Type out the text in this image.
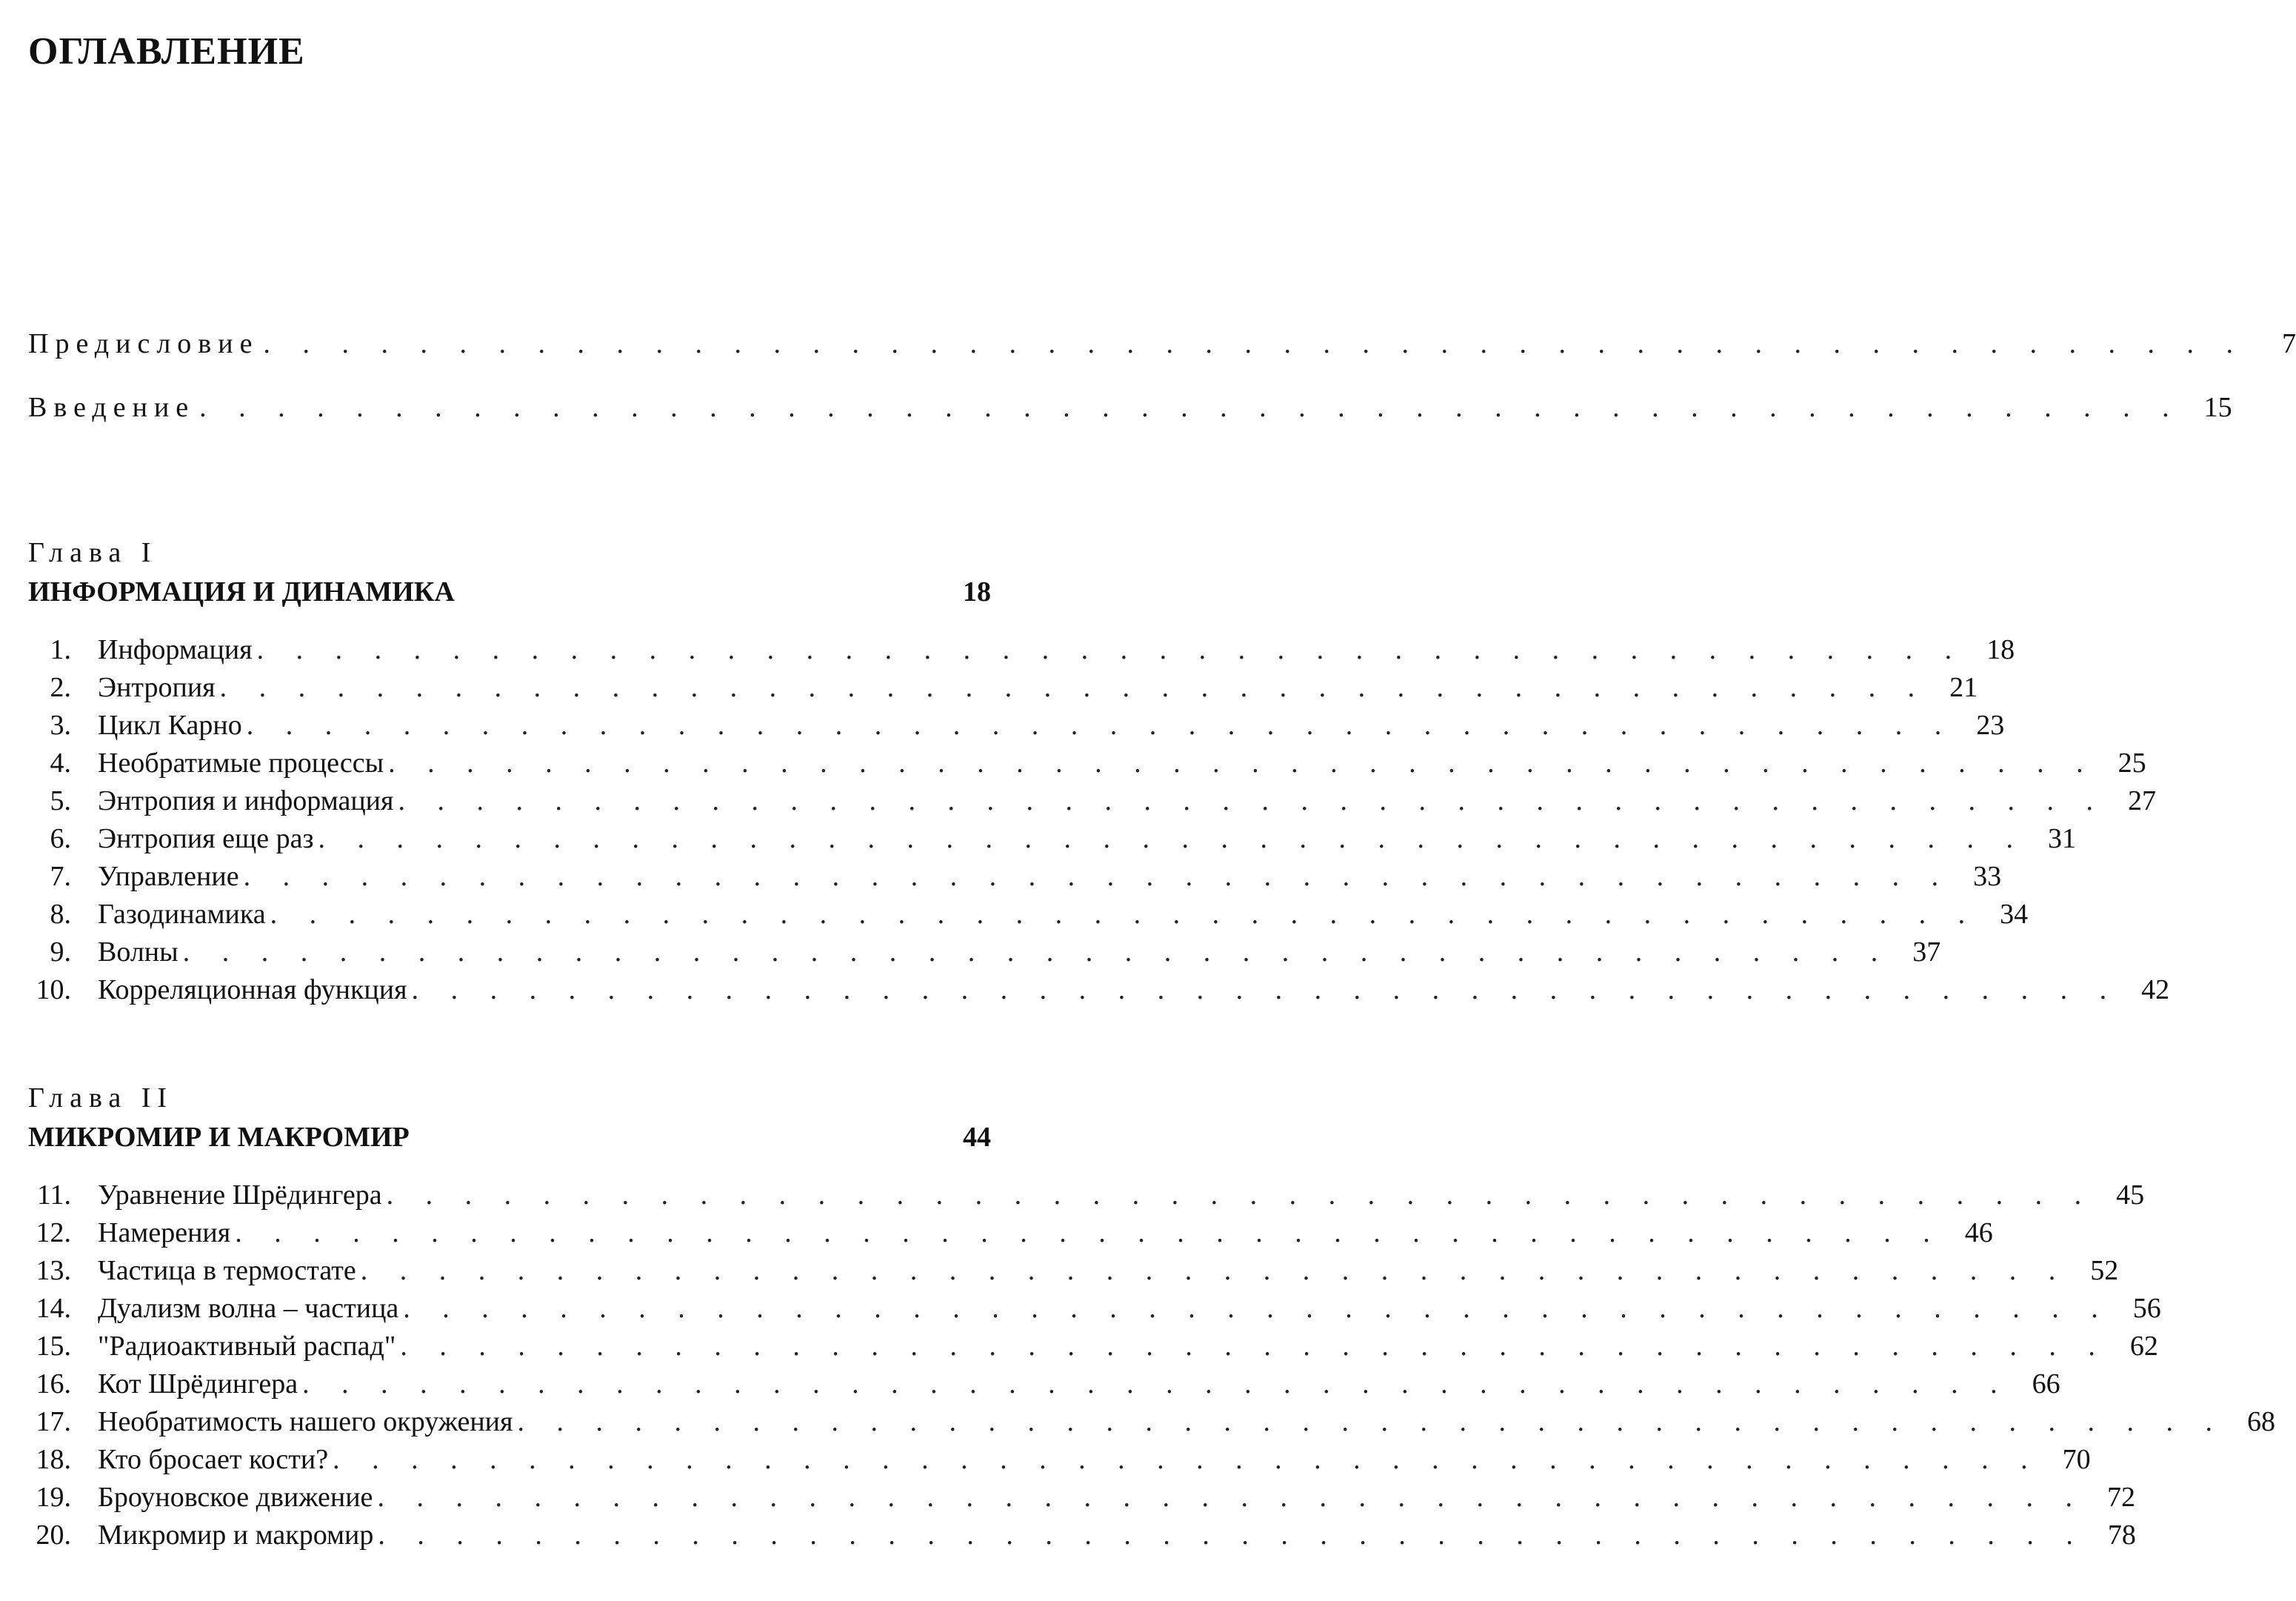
ОГЛАВЛЕНИЕ
Предисловие . . . . . . . . . . . . . . . . . . . . . . . . . . . . . . . . . . . . . . . . . . . . . . . . . . .	7
Введение . . . . . . . . . . . . . . . . . . . . . . . . . . . . . . . . . . . . . . . . . . . . . . . . . . . 15
Глава I
ИНФОРМАЦИЯ И ДИНАМИКА	18
1. Информация . . . . . . . . . . . . . . . . . . . . . . . . . . . . . . . . . . . . . . . . . . . . 18
2. Энтропия . . . . . . . . . . . . . . . . . . . . . . . . . . . . . . . . . . . . . . . . . . . . 21
3. Цикл Карно . . . . . . . . . . . . . . . . . . . . . . . . . . . . . . . . . . . . . . . . . . . . 23
4. Необратимые процессы . . . . . . . . . . . . . . . . . . . . . . . . . . . . . . . . . . . . . . . . . . . . 25
5. Энтропия и информация . . . . . . . . . . . . . . . . . . . . . . . . . . . . . . . . . . . . . . . . . . . . 27
6. Энтропия еще раз . . . . . . . . . . . . . . . . . . . . . . . . . . . . . . . . . . . . . . . . . . . . 31
7. Управление . . . . . . . . . . . . . . . . . . . . . . . . . . . . . . . . . . . . . . . . . . . . 33
8. Газодинамика . . . . . . . . . . . . . . . . . . . . . . . . . . . . . . . . . . . . . . . . . . . . 34
9. Волны . . . . . . . . . . . . . . . . . . . . . . . . . . . . . . . . . . . . . . . . . . . . 37
10. Корреляционная функция . . . . . . . . . . . . . . . . . . . . . . . . . . . . . . . . . . . . . . . . . . . . 42
Глава II
МИКРОМИР И МАКРОМИР	44
11. Уравнение Шрёдингера . . . . . . . . . . . . . . . . . . . . . . . . . . . . . . . . . . . . . . . . . . . . 45
12. Намерения . . . . . . . . . . . . . . . . . . . . . . . . . . . . . . . . . . . . . . . . . . . . 46
13. Частица в термостате . . . . . . . . . . . . . . . . . . . . . . . . . . . . . . . . . . . . . . . . . . . . 52
14. Дуализм волна – частица . . . . . . . . . . . . . . . . . . . . . . . . . . . . . . . . . . . . . . . . . . . . 56
15. "Радиоактивный распад" . . . . . . . . . . . . . . . . . . . . . . . . . . . . . . . . . . . . . . . . . . . . 62
16. Кот Шрёдингера . . . . . . . . . . . . . . . . . . . . . . . . . . . . . . . . . . . . . . . . . . . . 66
17. Необратимость нашего окружения . . . . . . . . . . . . . . . . . . . . . . . . . . . . . . . . . . . . . . . . . . . . 68
18. Кто бросает кости? . . . . . . . . . . . . . . . . . . . . . . . . . . . . . . . . . . . . . . . . . . . . 70
19. Броуновское движение . . . . . . . . . . . . . . . . . . . . . . . . . . . . . . . . . . . . . . . . . . . . 72
20. Микромир и макромир . . . . . . . . . . . . . . . . . . . . . . . . . . . . . . . . . . . . . . . . . . . . 78
